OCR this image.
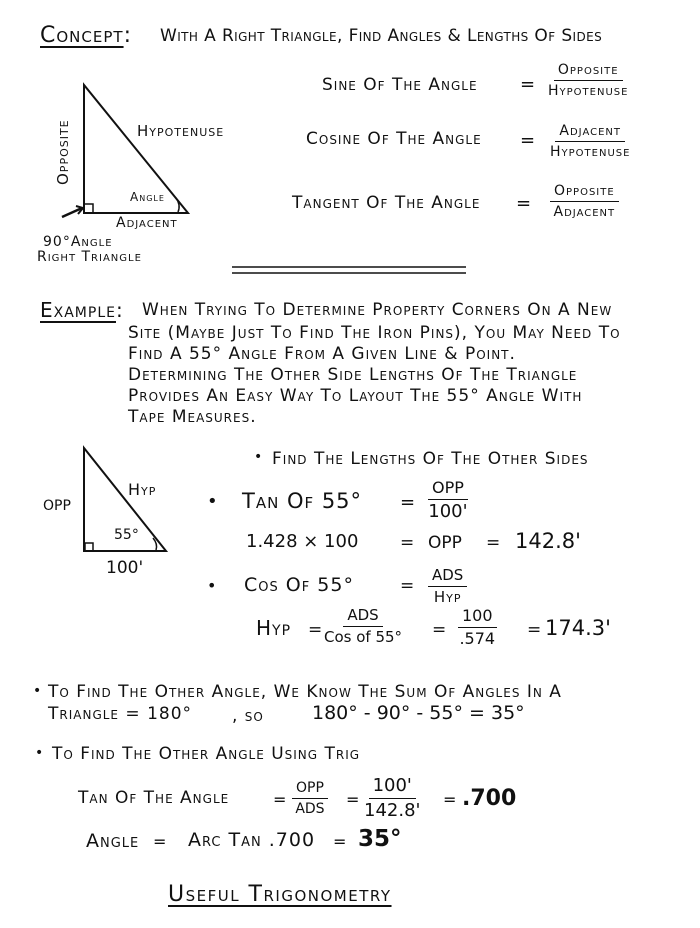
Concept: With A Right Triangle, Find Angles & Lengths Of Sides
Opposite	Hypotenuse
Angle
Adjacent
90°Angle
Right Triangle
Sine Of The Angle =
Opposite
Hypotenuse
Cosine Of The Angle = Adjacent
Hypotenuse
Tangent Of The Angle =
Opposite
Adjacent
Example: When Trying To Determine Property Corners On A New
Site (Maybe Just To Find The Iron Pins), You May Need To
Find A 55° Angle From A Given Line & Point.
Determining The Other Side Lengths Of The Triangle
Provides An Easy Way To Layout The 55° Angle With
Tape Measures.
OPP
Hyp
55°
100'
• Find The Lengths Of The Other Sides
• Tan Of 55° =
OPP
100'
1.428 × 100 = OPP = 142.8'
• Cos Of 55°	=
ADS
Hyp
Hyp =
ADS
Cos of $55^\circ = \frac{100}{.574} = 174.3'$
• To Find The Other Angle, We Know The Sum Of Angles In A
Triangle = 180° , so	180° - 90° - 55° = 35°
• To Find The Other Angle Using Trig
Tan Of The Angle	=
OPP
ADS = $\frac{100'}{142.8'} = .700$
Angle = Arc Tan .700 = 35°
Useful Trigonometry
